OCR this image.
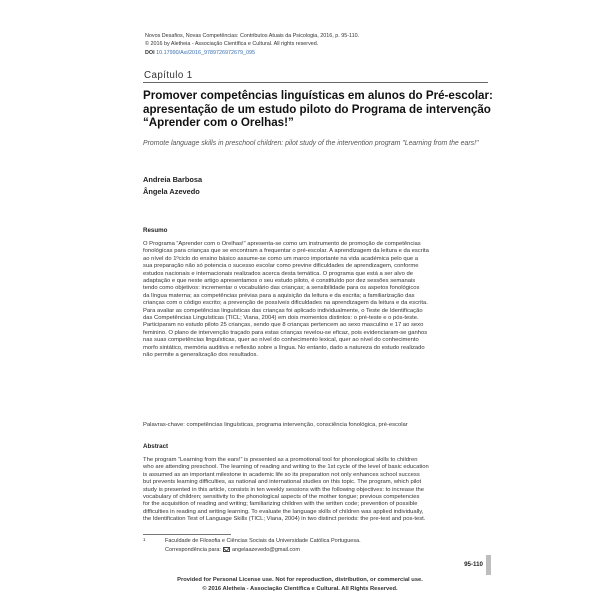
Novos Desafios, Novas Competências: Contributos Atuais da Psicologia, 2016, p. 95-110.
© 2016 by Aletheia - Associação Científica e Cultural. All rights reserved.
DOI 10.17990/Axi/2016_9789726972679_095
Capítulo 1
Promover competências linguísticas em alunos do Pré-escolar: apresentação de um estudo piloto do Programa de intervenção “Aprender com o Orelhas!”
Promote language skills in preschool children: pilot study of the intervention program "Learning from the ears!"
Andreia Barbosa
Ângela Azevedo
Resumo
O Programa “Aprender com o Orelhas!” apresenta-se como um instrumento de promoção de competências
fonológicas para crianças que se encontram a frequentar o pré-escolar. A aprendizagem da leitura e da escrita
ao nível do 1ºciclo do ensino básico assume-se como um marco importante na vida académica pelo que a
sua preparação não só potencia o sucesso escolar como previne dificuldades de aprendizagem, conforme
estudos nacionais e internacionais realizados acerca desta temática. O programa que está a ser alvo de
adaptação e que neste artigo apresentamos o seu estudo piloto, é constituído por dez sessões semanais
tendo como objetivos: incrementar o vocabulário das crianças; a sensibilidade para os aspetos fonológicos
da língua materna; as competências prévias para a aquisição da leitura e da escrita; a familiarização das
crianças com o código escrito; a prevenção de possíveis dificuldades na aprendizagem da leitura e da escrita.
Para avaliar as competências linguísticas das crianças foi aplicado individualmente, o Teste de Identificação
das Competências Linguísticas (TICL; Viana, 2004) em dois momentos distintos: o pré-teste e o pós-teste.
Participaram no estudo piloto 25 crianças, sendo que 8 crianças pertencem ao sexo masculino e 17 ao sexo
feminino. O plano de intervenção traçado para estas crianças revelou-se eficaz, pois evidenciaram-se ganhos
nas suas competências linguísticas, quer ao nível do conhecimento lexical, quer ao nível do conhecimento
morfo sintático, memória auditiva e reflexão sobre a língua. No entanto, dado a natureza do estudo realizado
não permite a generalização dos resultados.
Palavras-chave: competências linguísticas, programa intervenção, consciência fonológica, pré-escolar
Abstract
The program “Learning from the ears!” is presented as a promotional tool for phonological skills to children
who are attending preschool. The learning of reading and writing to the 1st cycle of the level of basic education
is assumed as an important milestone in academic life so its preparation not only enhances school success
but prevents learning difficulties, as national and international studies on this topic. The program, which pilot
study is presented in this article, consists in ten weekly sessions with the following objectives: to increase the
vocabulary of children; sensitivity to the phonological aspects of the mother tongue; previous competencies
for the acquisition of reading and writing; familiarizing children with the written code; prevention of possible
difficulties in reading and writing learning. To evaluate the language skills of children was applied individually,
the Identification Test of Language Skills (TICL; Viana, 2004) in two distinct periods: the pre-test and pos-test.
1	Faculdade de Filosofia e Ciências Sociais da Universidade Católica Portuguesa.
Correspondência para: angelaazevedo@gmail.com
95-110
Provided for Personal License use. Not for reproduction, distribution, or commercial use.
© 2016 Aletheia - Associação Científica e Cultural. All Rights Reserved.
